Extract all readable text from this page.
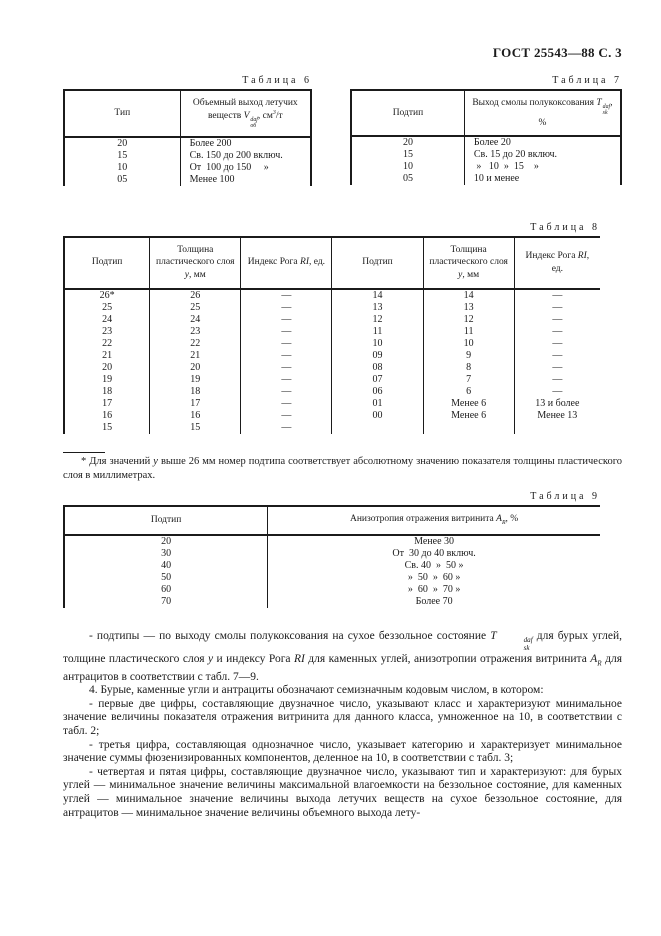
ГОСТ 25543—88 С. 3
Таблица 6
Тип	Объемный выход летучих веществ V daf
об
, $см^3/т$
20	Более 200
15	Св. 150 до 200 включ.
10	От  100 до 150     »
05	Менее 100
Таблица 7
Подтип	Выход смолы полукоксования T daf
sk
, %
20	Более 20
15	Св. 15 до 20 включ.
10	»   10  »  15    »
05	10 и менее
Таблица 8
Подтип	Толщина пластического слоя у, мм	Индекс Рога RI, ед.	Подтип	Толщина пластического слоя у, мм	Индекс Рога RI, ед.
26*	26	—	14	14	—
25	25	—	13	13	—
24	24	—	12	12	—
23	23	—	11	11	—
22	22	—	10	10	—
21	21	—	09	9	—
20	20	—	08	8	—
19	19	—	07	7	—
18	18	—	06	6	—
17	17	—	01	Менее 6	13 и более
16	16	—	00	Менее 6	Менее 13
15	15	—			

* Для значений у выше 26 мм номер подтипа соответствует абсолютному значению показателя толщины пластического слоя в миллиметрах.

Таблица 9
Подтип	Анизотропия отражения витринита $A_R$, %
20	Менее 30
30	От  30 до 40 включ.
40	Св. 40  »  50 »
50	»  50  »  60 »
60	»  60  »  70 »
70	Более 70

- подтипы — по выходу смолы полукоксования на сухое беззольное состояние T	daf
sk
для бурых углей, толщине пластического слоя у и индексу Рога RI для каменных углей, анизотропии отражения витринита $A_R$ для антрацитов в соответствии с табл. 7—9.

4. Бурые, каменные угли и антрациты обозначают семизначным кодовым числом, в котором:

- первые две цифры, составляющие двузначное число, указывают класс и характеризуют минимальное значение величины показателя отражения витринита для данного класса, умноженное на 10, в соответствии с табл. 2;

- третья цифра, составляющая однозначное число, указывает категорию и характеризует минимальное значение суммы фюзенизированных компонентов, деленное на 10, в соответствии с табл. 3;

- четвертая и пятая цифры, составляющие двузначное число, указывают тип и характеризуют: для бурых углей — минимальное значение величины максимальной влагоемкости на беззольное состояние, для каменных углей — минимальное значение величины выхода летучих веществ на сухое беззольное состояние, для антрацитов — минимальное значение величины объемного выхода лету-
